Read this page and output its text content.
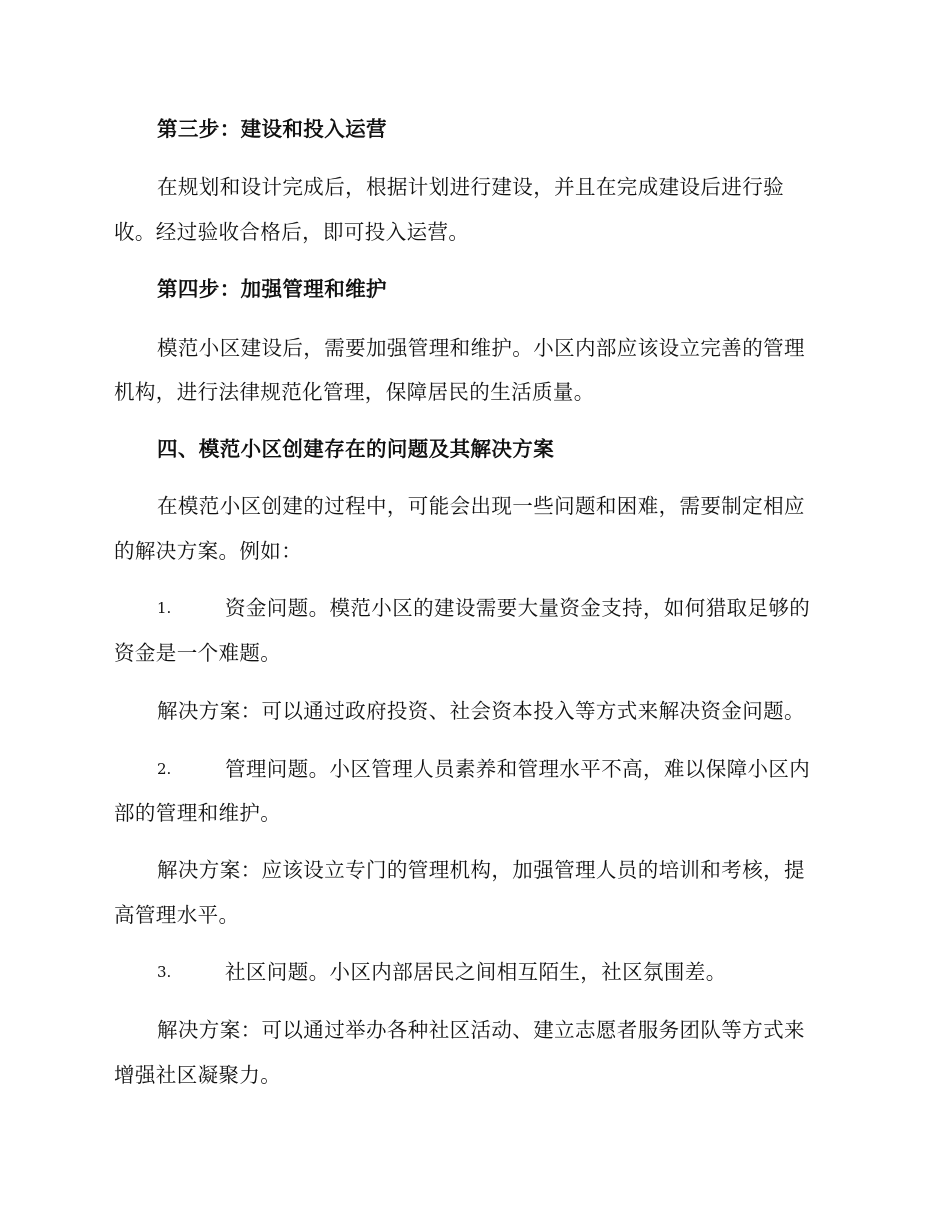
第三步：建设和投入运营
在规划和设计完成后，根据计划进行建设，并且在完成建设后进行验
收。经过验收合格后，即可投入运营。
第四步：加强管理和维护
模范小区建设后，需要加强管理和维护。小区内部应该设立完善的管理
机构，进行法律规范化管理，保障居民的生活质量。
四、模范小区创建存在的问题及其解决方案
在模范小区创建的过程中，可能会出现一些问题和困难，需要制定相应
的解决方案。例如：
1.	资金问题。模范小区的建设需要大量资金支持，如何猎取足够的
资金是一个难题。
解决方案：可以通过政府投资、社会资本投入等方式来解决资金问题。
2.	管理问题。小区管理人员素养和管理水平不高，难以保障小区内
部的管理和维护。
解决方案：应该设立专门的管理机构，加强管理人员的培训和考核，提
高管理水平。
3.	社区问题。小区内部居民之间相互陌生，社区氛围差。
解决方案：可以通过举办各种社区活动、建立志愿者服务团队等方式来
增强社区凝聚力。
